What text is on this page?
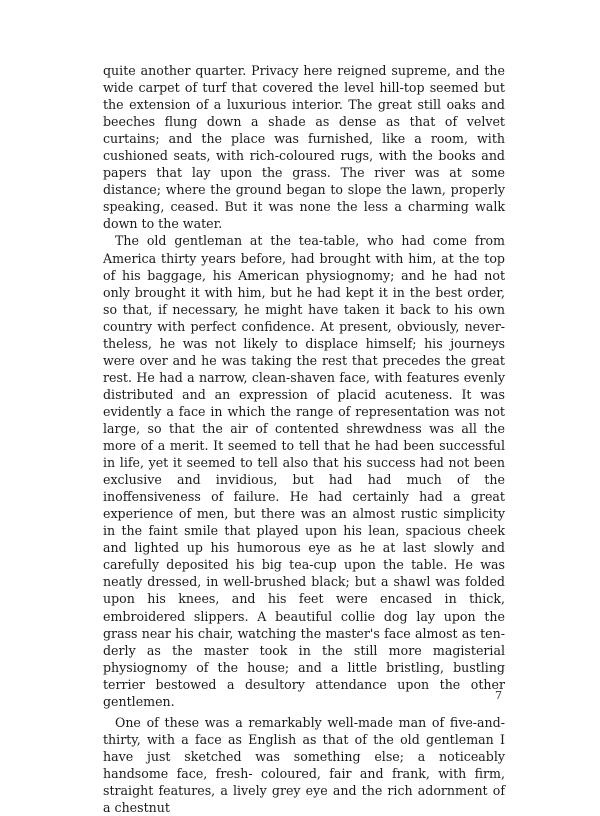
quite another quarter. Privacy here reigned supreme, and the wide carpet of turf that covered the level hill-top seemed but the extension of a luxurious interior. The great still oaks and beeches flung down a shade as dense as that of velvet curtains; and the place was furnished, like a room, with cushioned seats, with rich-coloured rugs, with the books and papers that lay upon the grass. The river was at some distance; where the ground began to slope the lawn, properly speaking, ceased. But it was none the less a charming walk down to the water.

The old gentleman at the tea-table, who had come from America thirty years before, had brought with him, at the top of his baggage, his American physiognomy; and he had not only brought it with him, but he had kept it in the best order, so that, if necessary, he might have taken it back to his own country with perfect confidence. At present, obviously, nevertheless, he was not likely to displace himself; his journeys were over and he was taking the rest that precedes the great rest. He had a narrow, clean-shaven face, with features evenly distributed and an expression of placid acuteness. It was evidently a face in which the range of representation was not large, so that the air of contented shrewdness was all the more of a merit. It seemed to tell that he had been successful in life, yet it seemed to tell also that his success had not been exclusive and invidious, but had had much of the inoffensiveness of failure. He had certainly had a great experience of men, but there was an almost rustic simplicity in the faint smile that played upon his lean, spacious cheek and lighted up his humorous eye as he at last slowly and carefully deposited his big tea-cup upon the table. He was neatly dressed, in well-brushed black; but a shawl was folded upon his knees, and his feet were encased in thick, embroidered slippers. A beautiful collie dog lay upon the grass near his chair, watching the master's face almost as tenderly as the master took in the still more magisterial physiognomy of the house; and a little bristling, bustling terrier bestowed a desultory attendance upon the other gentlemen.

One of these was a remarkably well-made man of five-and-thirty, with a face as English as that of the old gentleman I have just sketched was something else; a noticeably handsome face, fresh- coloured, fair and frank, with firm, straight features, a lively grey eye and the rich adornment of a chestnut

7
